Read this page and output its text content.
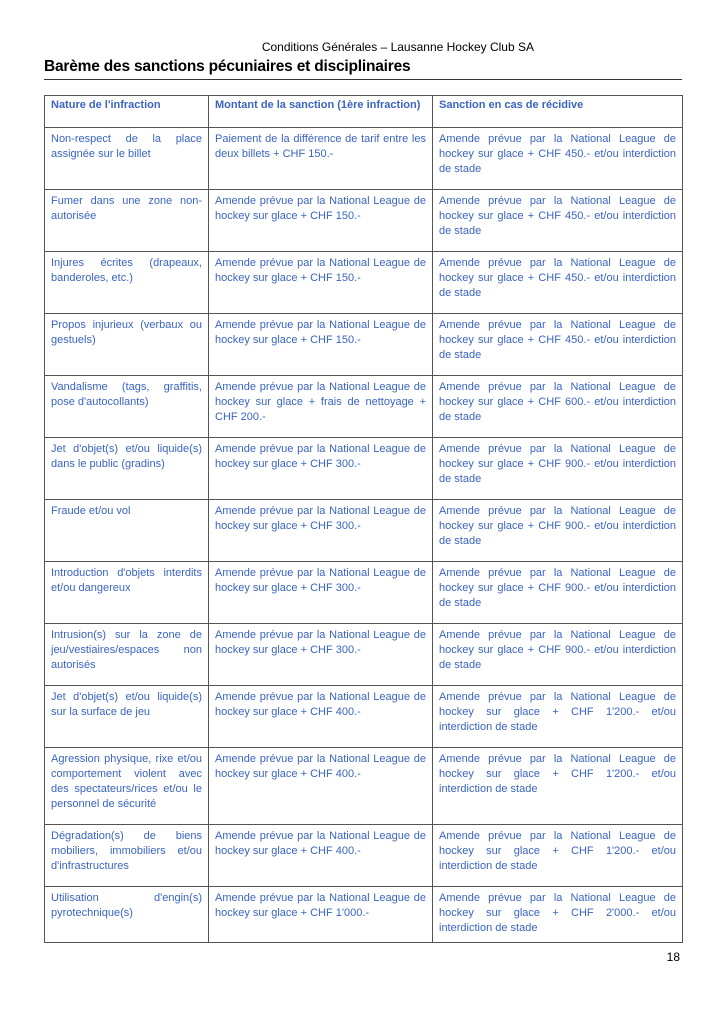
Conditions Générales – Lausanne Hockey Club SA
Barème des sanctions pécuniaires et disciplinaires
Nature de l'infraction	Montant de la sanction (1ère infraction)	Sanction en cas de récidive
Non-respect de la place assignée sur le billet	Paiement de la différence de tarif entre les deux billets + CHF 150.-	Amende prévue par la National League de hockey sur glace + CHF 450.- et/ou interdiction de stade
Fumer dans une zone non-autorisée	Amende prévue par la National League de hockey sur glace + CHF 150.-	Amende prévue par la National League de hockey sur glace + CHF 450.- et/ou interdiction de stade
Injures écrites (drapeaux, banderoles, etc.)	Amende prévue par la National League de hockey sur glace + CHF 150.-	Amende prévue par la National League de hockey sur glace + CHF 450.- et/ou interdiction de stade
Propos injurieux (verbaux ou gestuels)	Amende prévue par la National League de hockey sur glace + CHF 150.-	Amende prévue par la National League de hockey sur glace + CHF 450.- et/ou interdiction de stade
Vandalisme (tags, graffitis, pose d'autocollants)	Amende prévue par la National League de hockey sur glace + frais de nettoyage + CHF 200.-	Amende prévue par la National League de hockey sur glace + CHF 600.- et/ou interdiction de stade
Jet d'objet(s) et/ou liquide(s) dans le public (gradins)	Amende prévue par la National League de hockey sur glace + CHF 300.-	Amende prévue par la National League de hockey sur glace + CHF 900.- et/ou interdiction de stade
Fraude et/ou vol	Amende prévue par la National League de hockey sur glace + CHF 300.-	Amende prévue par la National League de hockey sur glace + CHF 900.- et/ou interdiction de stade
Introduction d'objets interdits et/ou dangereux	Amende prévue par la National League de hockey sur glace + CHF 300.-	Amende prévue par la National League de hockey sur glace + CHF 900.- et/ou interdiction de stade
Intrusion(s) sur la zone de jeu/vestiaires/espaces non autorisés	Amende prévue par la National League de hockey sur glace + CHF 300.-	Amende prévue par la National League de hockey sur glace + CHF 900.- et/ou interdiction de stade
Jet d'objet(s) et/ou liquide(s) sur la surface de jeu	Amende prévue par la National League de hockey sur glace + CHF 400.-	Amende prévue par la National League de hockey sur glace + CHF 1'200.- et/ou interdiction de stade
Agression physique, rixe et/ou comportement violent avec des spectateurs/rices et/ou le personnel de sécurité	Amende prévue par la National League de hockey sur glace + CHF 400.-	Amende prévue par la National League de hockey sur glace + CHF 1'200.- et/ou interdiction de stade
Dégradation(s) de biens mobiliers, immobiliers et/ou d'infrastructures	Amende prévue par la National League de hockey sur glace + CHF 400.-	Amende prévue par la National League de hockey sur glace + CHF 1'200.- et/ou interdiction de stade
Utilisation d'engin(s) pyrotechnique(s)	Amende prévue par la National League de hockey sur glace + CHF 1'000.-	Amende prévue par la National League de hockey sur glace + CHF 2'000.- et/ou interdiction de stade
18
